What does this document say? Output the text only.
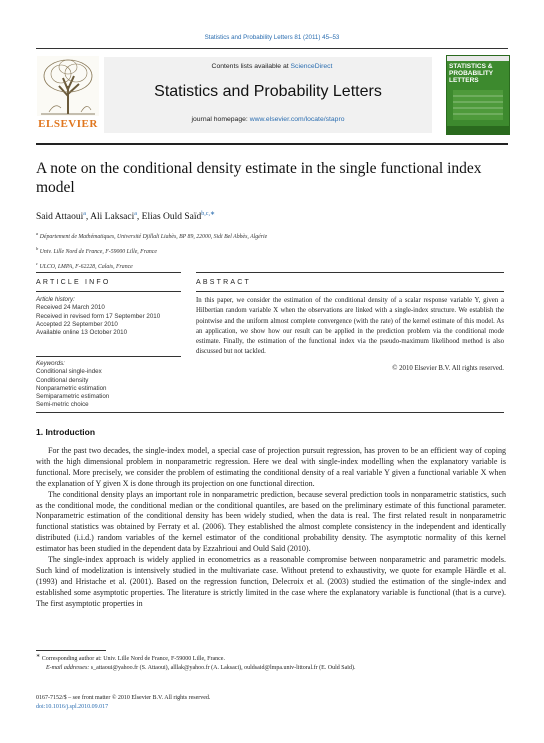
Statistics and Probability Letters 81 (2011) 45–53
ELSEVIER
Contents lists available at ScienceDirect
Statistics and Probability Letters
journal homepage: www.elsevier.com/locate/stapro
STATISTICS & PROBABILITY LETTERS
A note on the conditional density estimate in the single functional index model
Said Attaoui$^a$, Ali Laksaci$^a$, Elias Ould Saïd$^{b,c,∗}$
$^a$ Département de Mathématiques, Université Djillali Liabès, BP 89, 22000, Sidi Bel Abbès, Algérie
$^b$ Univ. Lille Nord de France, F-59000 Lille, France
$^c$ ULCO, LMPA, F-62228, Calais, France
ARTICLE INFO
Article history:
Received 24 March 2010
Received in revised form 17 September 2010
Accepted 22 September 2010
Available online 13 October 2010
Keywords:
Conditional single-index
Conditional density
Nonparametric estimation
Semiparametric estimation
Semi-metric choice
ABSTRACT
In this paper, we consider the estimation of the conditional density of a scalar response variable Y, given a Hilbertian random variable X when the observations are linked with a single-index structure. We establish the pointwise and the uniform almost complete convergence (with the rate) of the kernel estimate of this model. As an application, we show how our result can be applied in the prediction problem via the conditional mode estimate. Finally, the estimation of the functional index via the pseudo-maximum likelihood method is also discussed but not tackled.
© 2010 Elsevier B.V. All rights reserved.
1. Introduction

For the past two decades, the single-index model, a special case of projection pursuit regression, has proven to be an efficient way of coping with the high dimensional problem in nonparametric regression. Here we deal with single-index modelling when the explanatory variable is functional. More precisely, we consider the problem of estimating the conditional density of a real variable Y given a functional variable X when the explanation of Y given X is done through its projection on one functional direction.

The conditional density plays an important role in nonparametric prediction, because several prediction tools in nonparametric statistics, such as the conditional mode, the conditional median or the conditional quantiles, are based on the preliminary estimate of this functional parameter. Nonparametric estimation of the conditional density has been widely studied, when the data is real. The first related result in nonparametric functional statistics was obtained by Ferraty et al. (2006). They established the almost complete consistency in the independent and identically distributed (i.i.d.) random variables of the kernel estimator of the conditional probability density. The asymptotic normality of this kernel estimator has been studied in the dependent data by Ezzahrioui and Ould Saïd (2010).

The single-index approach is widely applied in econometrics as a reasonable compromise between nonparametric and parametric models. Such kind of modelization is intensively studied in the multivariate case. Without pretend to exhaustivity, we quote for example Härdle et al. (1993) and Hristache et al. (2001). Based on the regression function, Delecroix et al. (2003) studied the estimation of the single-index and established some asymptotic properties. The literature is strictly limited in the case where the explanatory variable is functional (that is a curve). The first asymptotic properties in

∗ Corresponding author at: Univ. Lille Nord de France, F-59000 Lille, France.
E-mail addresses: s_attaoui@yahoo.fr (S. Attaoui), alllak@yahoo.fr (A. Laksaci), ouldsaid@lmpa.univ-littoral.fr (E. Ould Saïd).
0167-7152/$ – see front matter © 2010 Elsevier B.V. All rights reserved.
doi:10.1016/j.spl.2010.09.017
